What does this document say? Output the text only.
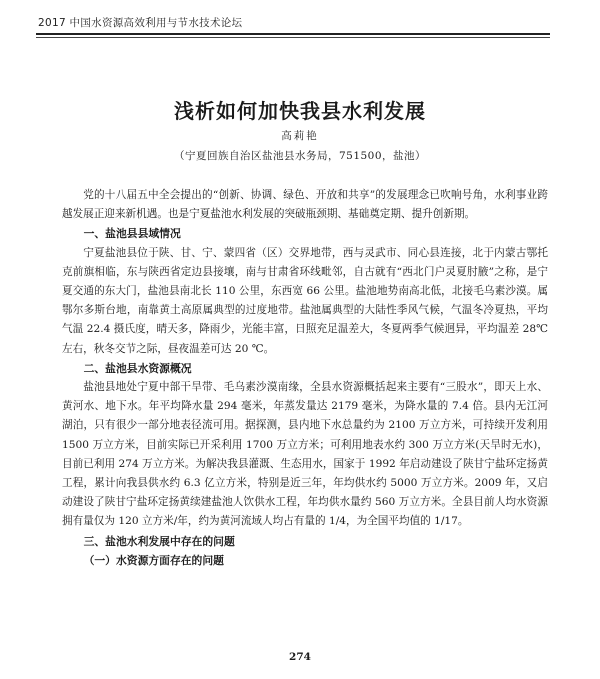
2017 中国水资源高效利用与节水技术论坛
浅析如何加快我县水利发展
高莉艳
（宁夏回族自治区盐池县水务局，751500，盐池）

党的十八届五中全会提出的“创新、协调、绿色、开放和共享”的发展理念已吹响号角，水利事业跨越发展正迎来新机遇。也是宁夏盐池水利发展的突破瓶颈期、基础奠定期、提升创新期。

一、盐池县县域情况

宁夏盐池县位于陕、甘、宁、蒙四省（区）交界地带，西与灵武市、同心县连接，北于内蒙古鄂托克前旗相临，东与陕西省定边县接壤，南与甘肃省环线毗邻，自古就有“西北门户灵夏肘腋”之称，是宁夏交通的东大门，盐池县南北长 110 公里，东西宽 66 公里。盐池地势南高北低，北接毛乌素沙漠。属鄂尔多斯台地，南靠黄土高原属典型的过度地带。盐池属典型的大陆性季风气候，气温冬冷夏热，平均气温 22.4 摄氏度，晴天多，降雨少，光能丰富，日照充足温差大，冬夏两季气候迥异，平均温差 28℃左右，秋冬交节之际，昼夜温差可达 20 ℃。

二、盐池县水资源概况

盐池县地处宁夏中部干旱带、毛乌素沙漠南缘，全县水资源概括起来主要有“三股水”，即天上水、黄河水、地下水。年平均降水量 294 毫米，年蒸发量达 2179 毫米，为降水量的 7.4 倍。县内无江河湖泊，只有很少一部分地表径流可用。据探测，县内地下水总量约为 2100 万立方米，可持续开发利用 1500 万立方米，目前实际已开采利用 1700 万立方米；可利用地表水约 300 万立方米(天旱时无水)，目前已利用 274 万立方米。为解决我县灌溉、生态用水，国家于 1992 年启动建设了陕甘宁盐环定扬黄工程，累计向我县供水约 6.3 亿立方米，特别是近三年，年均供水约 5000 万立方米。2009 年，又启动建设了陕甘宁盐环定扬黄续建盐池人饮供水工程，年均供水量约 560 万立方米。全县目前人均水资源拥有量仅为 120 立方米/年，约为黄河流域人均占有量的 1/4，为全国平均值的 1/17。

三、盐池水利发展中存在的问题
（一）水资源方面存在的问题
274
